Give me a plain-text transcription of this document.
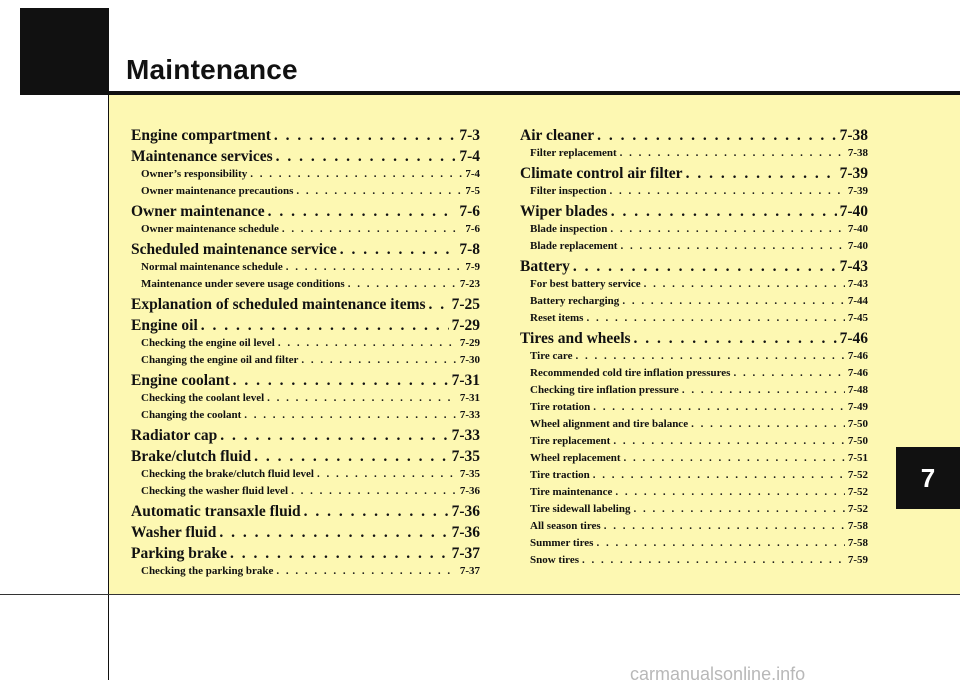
Maintenance
Engine compartment . . .	7-3
Maintenance services . . .	7-4
Owner’s responsibility . . .	7-4
Owner maintenance precautions . . .	7-5
Owner maintenance . . .	7-6
Owner maintenance schedule . . .	7-6
Scheduled maintenance service . . .	7-8
Normal maintenance schedule . . .	7-9
Maintenance under severe usage conditions . . .	7-23
Explanation of scheduled maintenance items . . . 7-25
Engine oil . . .	7-29
Checking the engine oil level . . .	7-29
Changing the engine oil and filter . . .	7-30
Engine coolant . . .	7-31
Checking the coolant level . . .	7-31
Changing the coolant . . .	7-33
Radiator cap . . .	7-33
Brake/clutch fluid . . .	7-35
Checking the brake/clutch fluid level . . .	7-35
Checking the washer fluid level . . .	7-36
Automatic transaxle fluid . . .	7-36
Washer fluid . . .	7-36
Parking brake . . .	7-37
Checking the parking brake . . .	7-37
Air cleaner . . .	7-38
Filter replacement . . .	7-38
Climate control air filter . . .	7-39
Filter inspection . . .	7-39
Wiper blades . . .	7-40
Blade inspection . . .	7-40
Blade replacement . . .	7-40
Battery . . .	7-43
For best battery service . . .	7-43
Battery recharging . . .	7-44
Reset items . . .	7-45
Tires and wheels . . .	7-46
Tire care . . .	7-46
Recommended cold tire inflation pressures . . .	7-46
Checking tire inflation pressure . . .	7-48
Tire rotation . . .	7-49
Wheel alignment and tire balance . . .	7-50
Tire replacement . . .	7-50
Wheel replacement . . .	7-51
Tire traction . . .	7-52
Tire maintenance . . .	7-52
Tire sidewall labeling . . .	7-52
All season tires . . .	7-58
Summer tires . . .	7-58
Snow tires . . .	7-59
7
carmanualsonline.info
